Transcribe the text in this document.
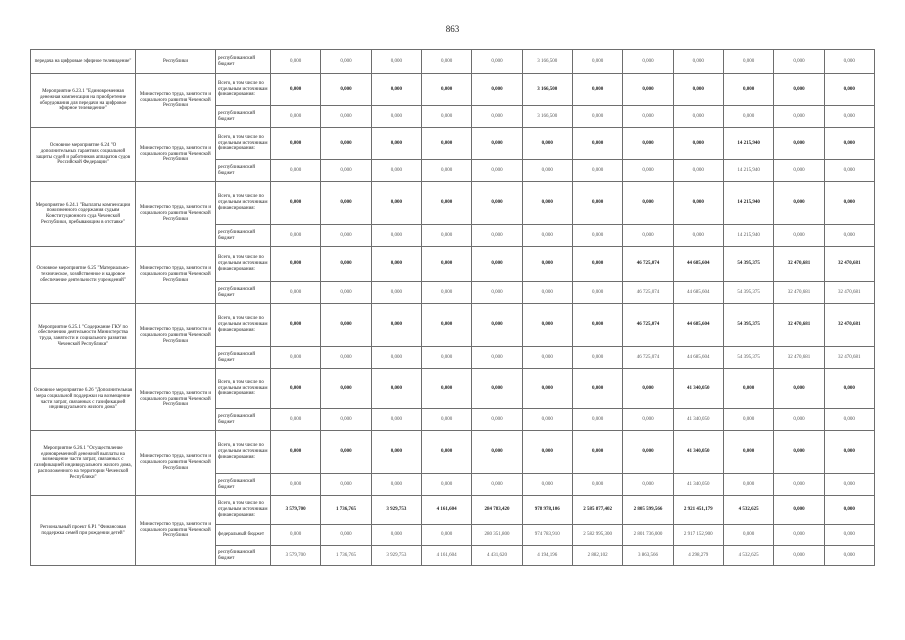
863
передача на цифровые эфирное телевидение"	Республики	республиканский бюджет	0,000	0,000	0,000	0,000	0,000	3 166,500	0,000	0,000	0,000	0,000	0,000	0,000
Мероприятие 6.23.1 "Единовременная денежная компенсация на приобретение оборудования для передачи на цифровое эфирное телевидение"	Министерство труда, занятости и социального развития Чеченской Республики	Всего, в том числе по отдельным источникам финансирования:	0,000	0,000	0,000	0,000	0,000	3 166,500	0,000	0,000	0,000	0,000	0,000	0,000
		республиканский бюджет	0,000	0,000	0,000	0,000	0,000	3 166,500	0,000	0,000	0,000	0,000	0,000	0,000
Основное мероприятие 6.24 "О дополнительных гарантиях социальной защиты судей и работников аппаратов судов Российской Федерации"	Министерство труда, занятости и социального развития Чеченской Республики	Всего, в том числе по отдельным источникам финансирования:	0,000	0,000	0,000	0,000	0,000	0,000	0,000	0,000	0,000	14 215,940	0,000	0,000
		республиканский бюджет	0,000	0,000	0,000	0,000	0,000	0,000	0,000	0,000	0,000	14 215,940	0,000	0,000
Мероприятие 6.24.1 "Выплаты компенсации пожизненного содержания судьям Конституционного суда Чеченской Республики, пребывающим в отставке"	Министерство труда, занятости и социального развития Чеченской Республики	Всего, в том числе по отдельным источникам финансирования:	0,000	0,000	0,000	0,000	0,000	0,000	0,000	0,000	0,000	14 215,940	0,000	0,000
		республиканский бюджет	0,000	0,000	0,000	0,000	0,000	0,000	0,000	0,000	0,000	14 215,940	0,000	0,000
Основное мероприятие 6.25 "Материально-техническое, хозяйственное и кадровое обеспечение деятельности учреждений"	Министерство труда, занятости и социального развития Чеченской Республики	Всего, в том числе по отдельным источникам финансирования:	0,000	0,000	0,000	0,000	0,000	0,000	0,000	46 725,074	44 685,604	54 395,375	32 470,681	32 470,681
		республиканский бюджет	0,000	0,000	0,000	0,000	0,000	0,000	0,000	46 725,074	44 685,604	54 395,375	32 470,681	32 470,681
Мероприятие 6.25.1 "Содержание ГКУ по обеспечению деятельности Министерства труда, занятости и социального развития Чеченской Республики"	Министерство труда, занятости и социального развития Чеченской Республики	Всего, в том числе по отдельным источникам финансирования:	0,000	0,000	0,000	0,000	0,000	0,000	0,000	46 725,074	44 685,604	54 395,375	32 470,681	32 470,681
		республиканский бюджет	0,000	0,000	0,000	0,000	0,000	0,000	0,000	46 725,074	44 685,604	54 395,375	32 470,681	32 470,681
Основное мероприятие 6.26 "Дополнительная мера социальной поддержки на возмещение части затрат, связанных с газификацией индивидуального жилого дома"	Министерство труда, занятости и социального развития Чеченской Республики	Всего, в том числе по отдельным источникам финансирования:	0,000	0,000	0,000	0,000	0,000	0,000	0,000	0,000	41 340,050	0,000	0,000	0,000
		республиканский бюджет	0,000	0,000	0,000	0,000	0,000	0,000	0,000	0,000	41 340,050	0,000	0,000	0,000
Мероприятие 6.26.1 "Осуществление единовременной денежной выплаты на возмещение части затрат, связанных с газификацией индивидуального жилого дома, расположенного на территории Чеченской Республики"	Министерство труда, занятости и социального развития Чеченской Республики	Всего, в том числе по отдельным источникам финансирования:	0,000	0,000	0,000	0,000	0,000	0,000	0,000	0,000	41 340,050	0,000	0,000	0,000
		республиканский бюджет	0,000	0,000	0,000	0,000	0,000	0,000	0,000	0,000	41 340,050	0,000	0,000	0,000
Региональный проект 6.Р1 "Финансовая поддержка семей при рождении детей"	Министерство труда, занятости и социального развития Чеченской Республики	Всего, в том числе по отдельным источникам финансирования:	3 579,700	1 736,765	3 929,753	4 161,604	284 783,420	978 978,106	2 585 877,402	2 805 599,566	2 921 451,179	4 532,625	0,000	0,000
		федеральный бюджет	0,000	0,000	0,000	0,000	280 351,800	974 783,910	2 582 995,300	2 801 736,000	2 917 152,900	0,000	0,000	0,000
		республиканский бюджет	3 579,700	1 736,765	3 929,753	4 161,604	4 431,620	4 194,196	2 882,102	3 863,566	4 298,279	4 532,625	0,000	0,000
